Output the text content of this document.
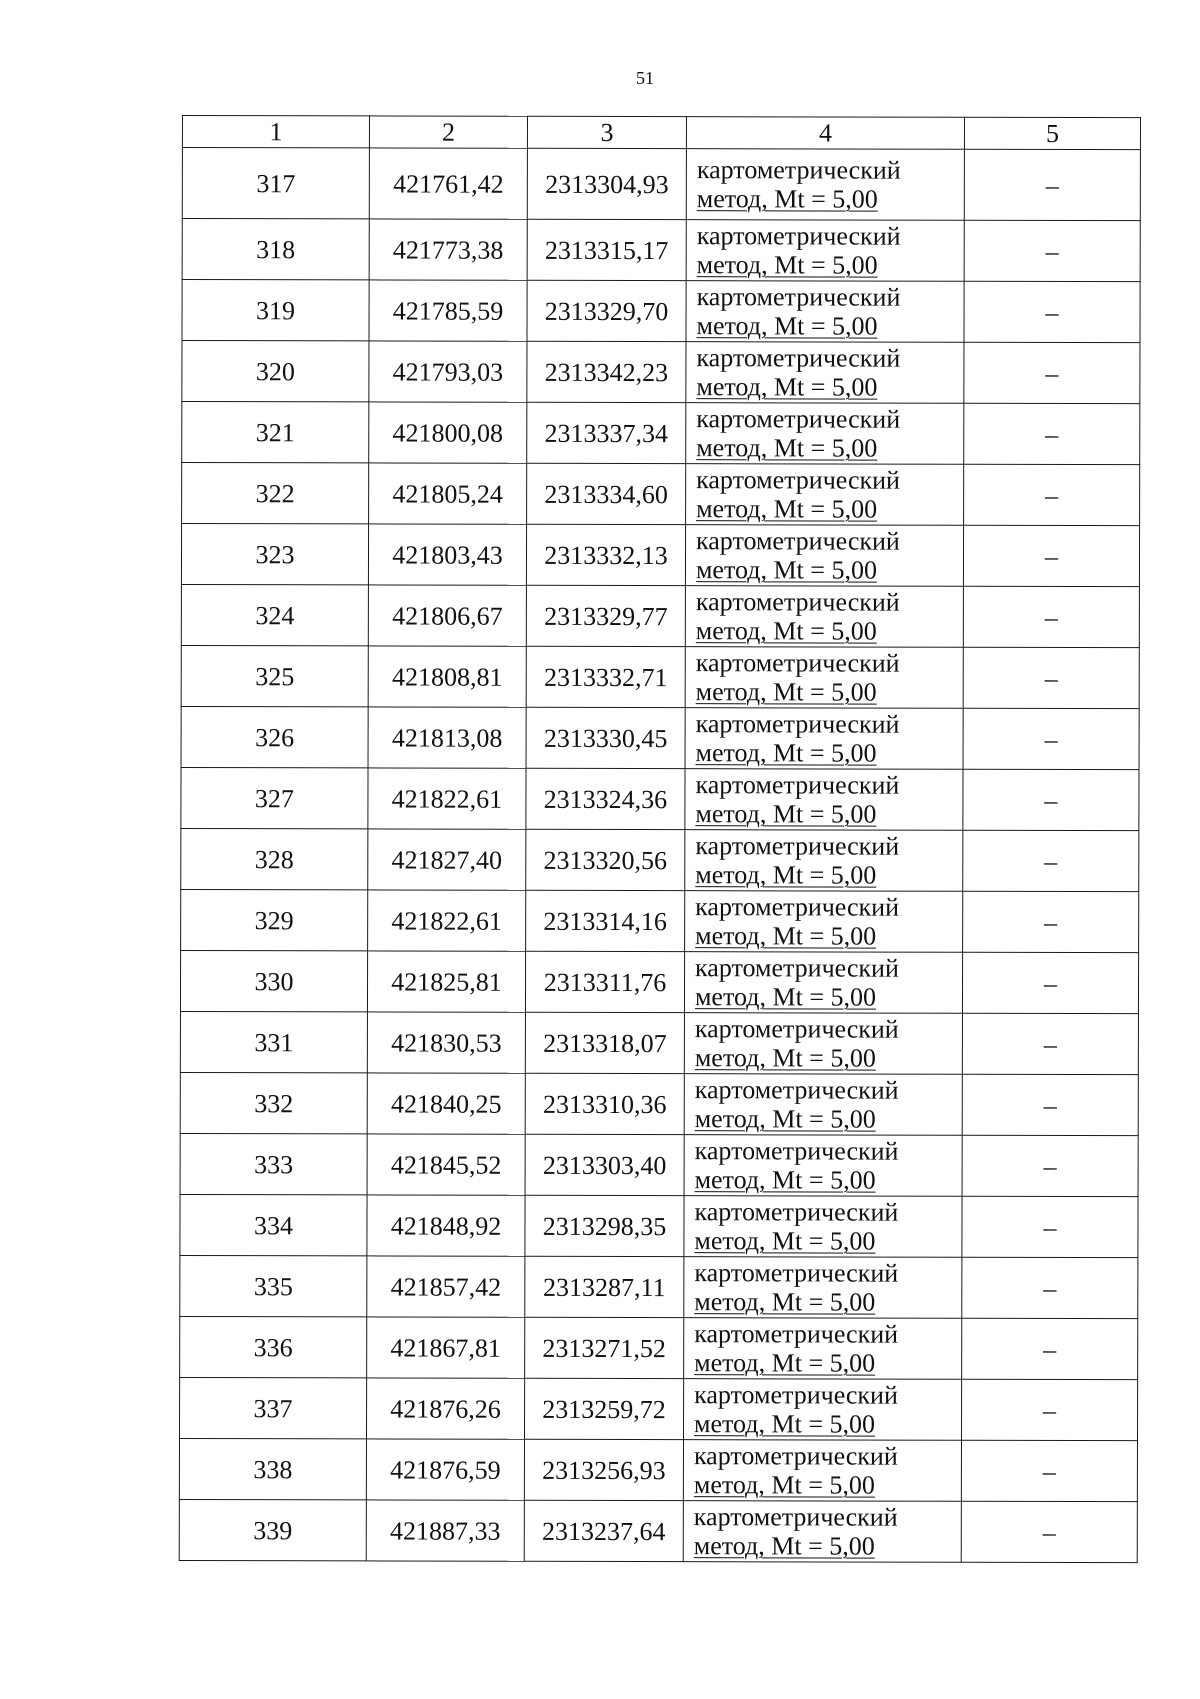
51
1	2	3	4	5
317	421761,42	2313304,93	картометрический
метод, Mt = 5,00	–
318	421773,38	2313315,17	картометрический
метод, Mt = 5,00	–
319	421785,59	2313329,70	картометрический
метод, Mt = 5,00	–
320	421793,03	2313342,23	картометрический
метод, Mt = 5,00	–
321	421800,08	2313337,34	картометрический
метод, Mt = 5,00	–
322	421805,24	2313334,60	картометрический
метод, Mt = 5,00	–
323	421803,43	2313332,13	картометрический
метод, Mt = 5,00	–
324	421806,67	2313329,77	картометрический
метод, Mt = 5,00	–
325	421808,81	2313332,71	картометрический
метод, Mt = 5,00	–
326	421813,08	2313330,45	картометрический
метод, Mt = 5,00	–
327	421822,61	2313324,36	картометрический
метод, Mt = 5,00	–
328	421827,40	2313320,56	картометрический
метод, Mt = 5,00	–
329	421822,61	2313314,16	картометрический
метод, Mt = 5,00	–
330	421825,81	2313311,76	картометрический
метод, Mt = 5,00	–
331	421830,53	2313318,07	картометрический
метод, Mt = 5,00	–
332	421840,25	2313310,36	картометрический
метод, Mt = 5,00	–
333	421845,52	2313303,40	картометрический
метод, Mt = 5,00	–
334	421848,92	2313298,35	картометрический
метод, Mt = 5,00	–
335	421857,42	2313287,11	картометрический
метод, Mt = 5,00	–
336	421867,81	2313271,52	картометрический
метод, Mt = 5,00	–
337	421876,26	2313259,72	картометрический
метод, Mt = 5,00	–
338	421876,59	2313256,93	картометрический
метод, Mt = 5,00	–
339	421887,33	2313237,64	картометрический
метод, Mt = 5,00	–
